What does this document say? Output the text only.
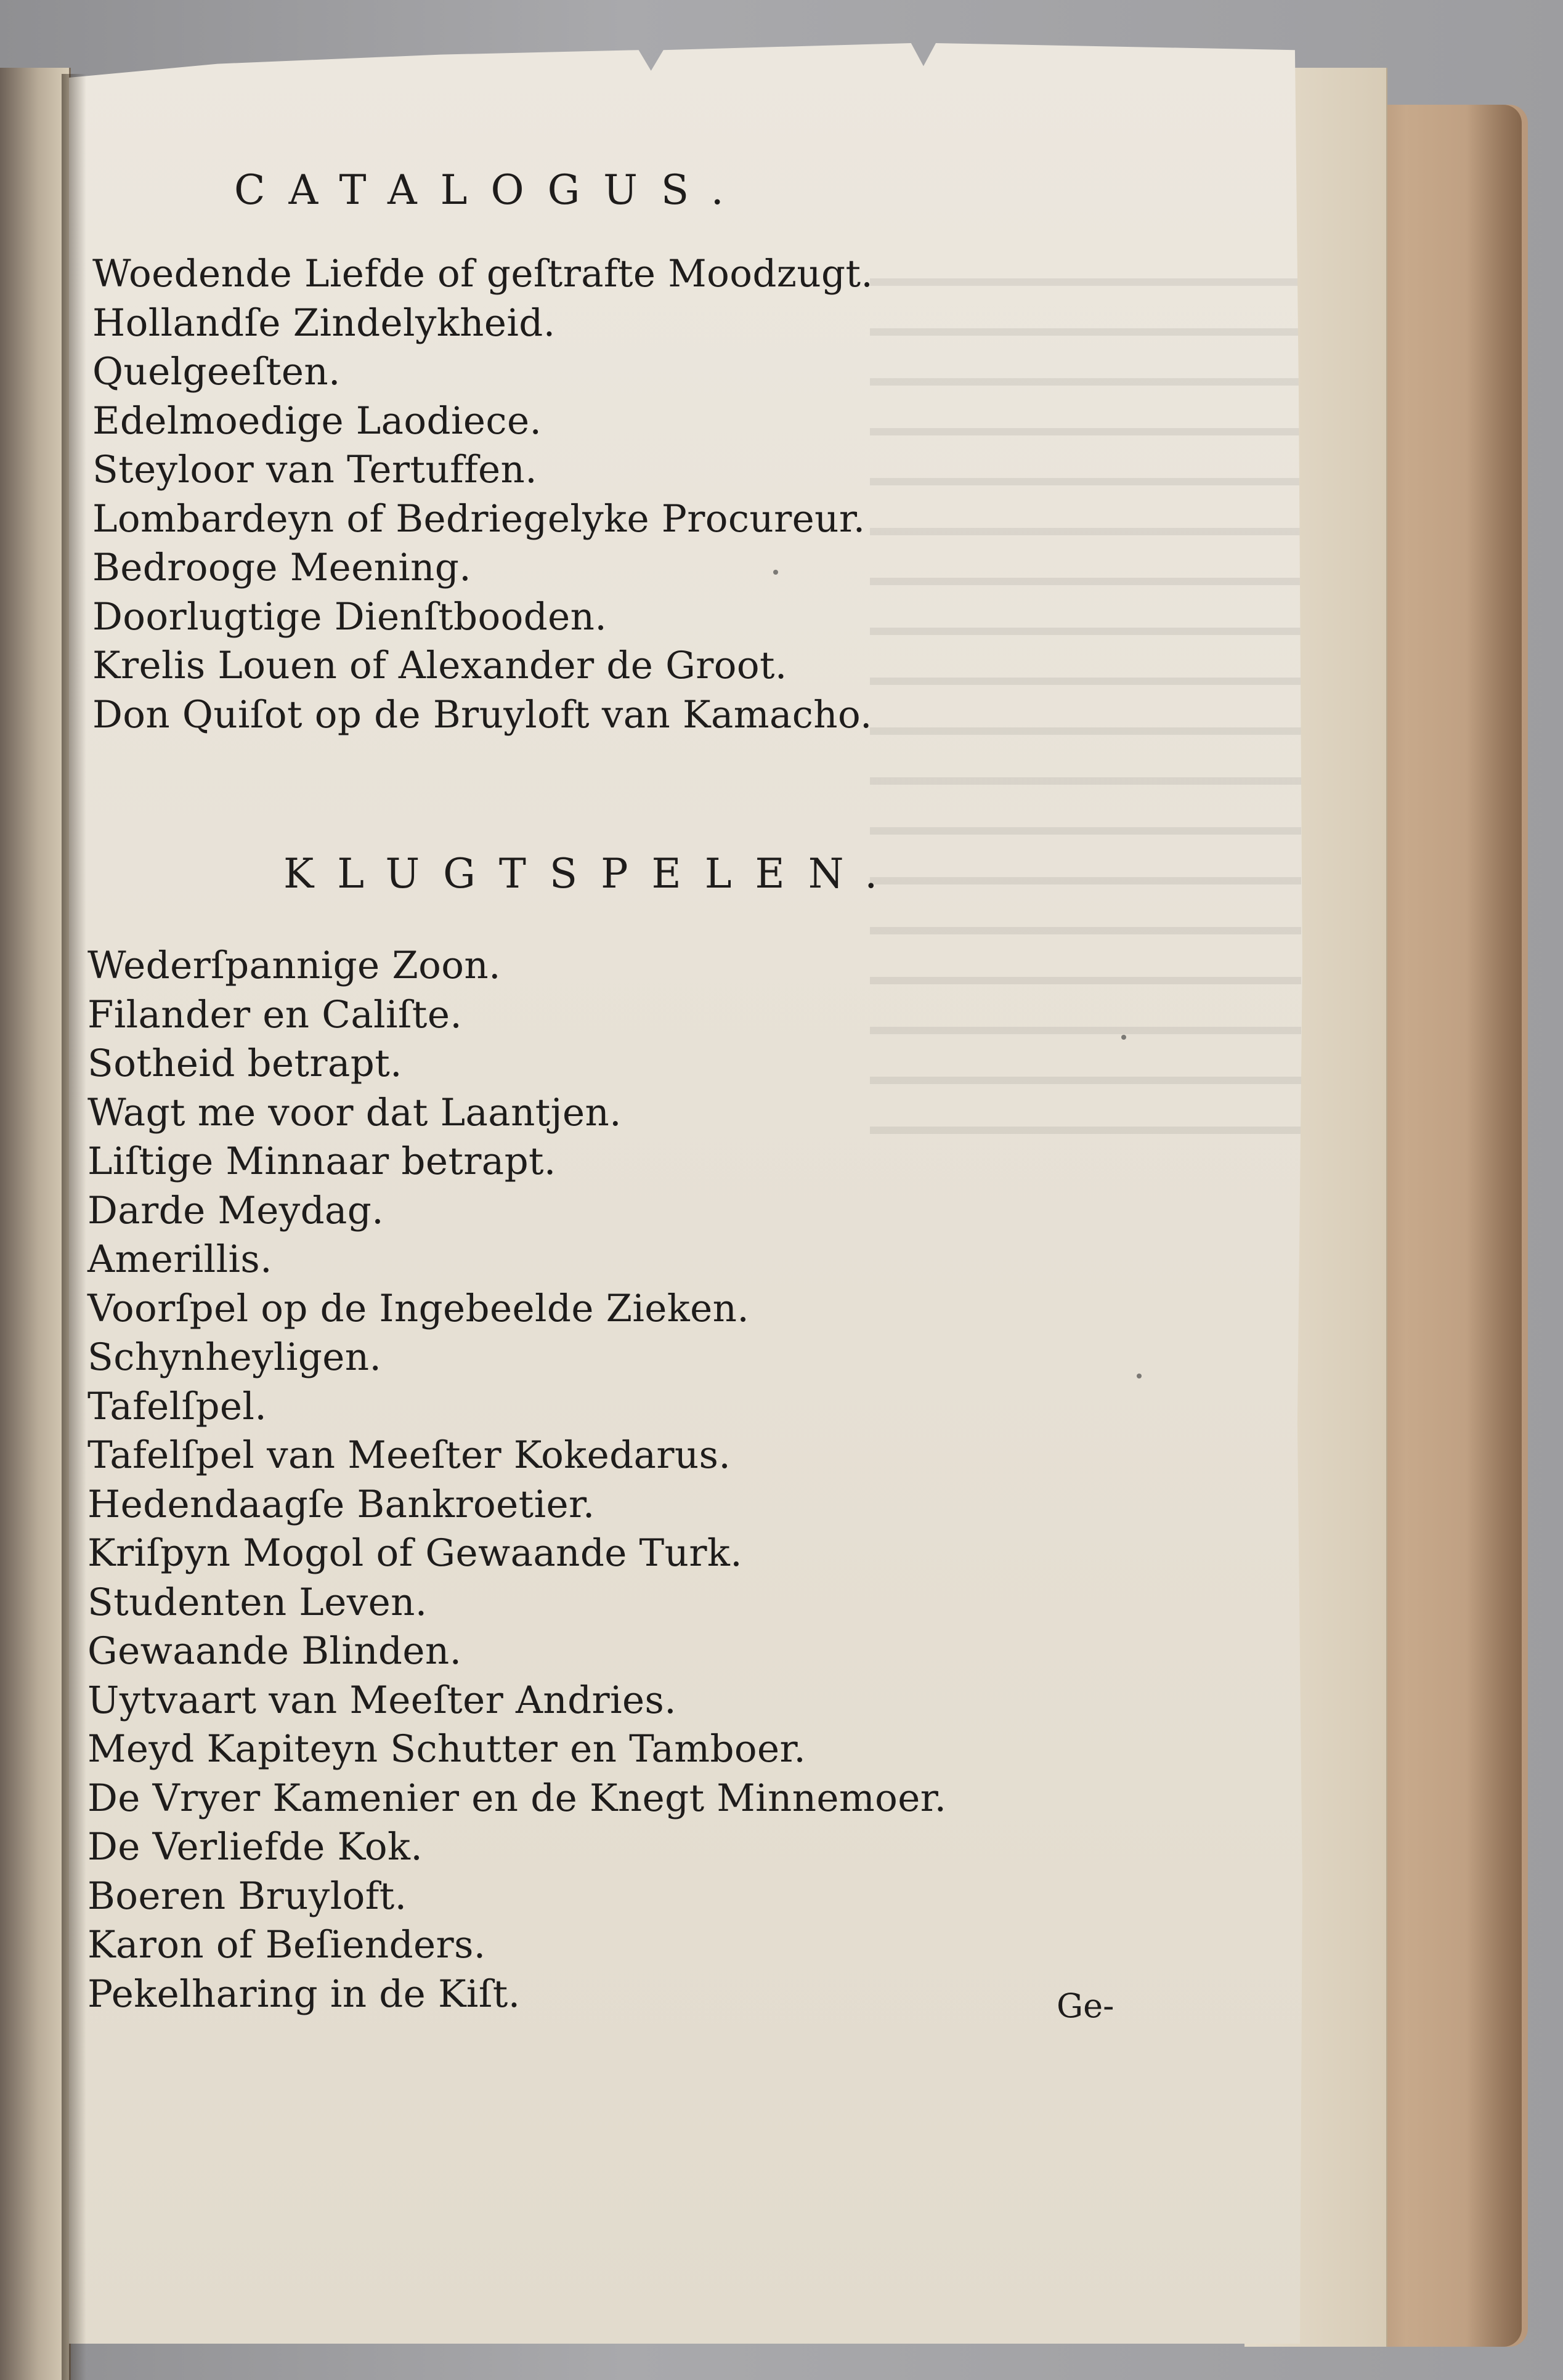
CATALOGUS.
Woedende Liefde of geſtrafte Moodzugt.
Hollandſe Zindelykheid.
Quelgeeſten.
Edelmoedige Laodiece.
Steyloor van Tertuffen.
Lombardeyn of Bedriegelyke Procureur.
Bedrooge Meening.
Doorlugtige Dienſtbooden.
Krelis Louen of Alexander de Groot.
Don Quiſot op de Bruyloft van Kamacho.
KLUGTSPELEN.
Wederſpannige Zoon.
Filander en Caliſte.
Sotheid betrapt.
Wagt me voor dat Laantjen.
Liſtige Minnaar betrapt.
Darde Meydag.
Amerillis.
Voorſpel op de Ingebeelde Zieken.
Schynheyligen.
Tafelſpel.
Tafelſpel van Meeſter Kokedarus.
Hedendaagſe Bankroetier.
Kriſpyn Mogol of Gewaande Turk.
Studenten Leven.
Gewaande Blinden.
Uytvaart van Meeſter Andries.
Meyd Kapiteyn Schutter en Tamboer.
De Vryer Kamenier en de Knegt Minnemoer.
De Verliefde Kok.
Boeren Bruyloft.
Karon of Beſienders.
Pekelharing in de Kiſt.	Ge-
